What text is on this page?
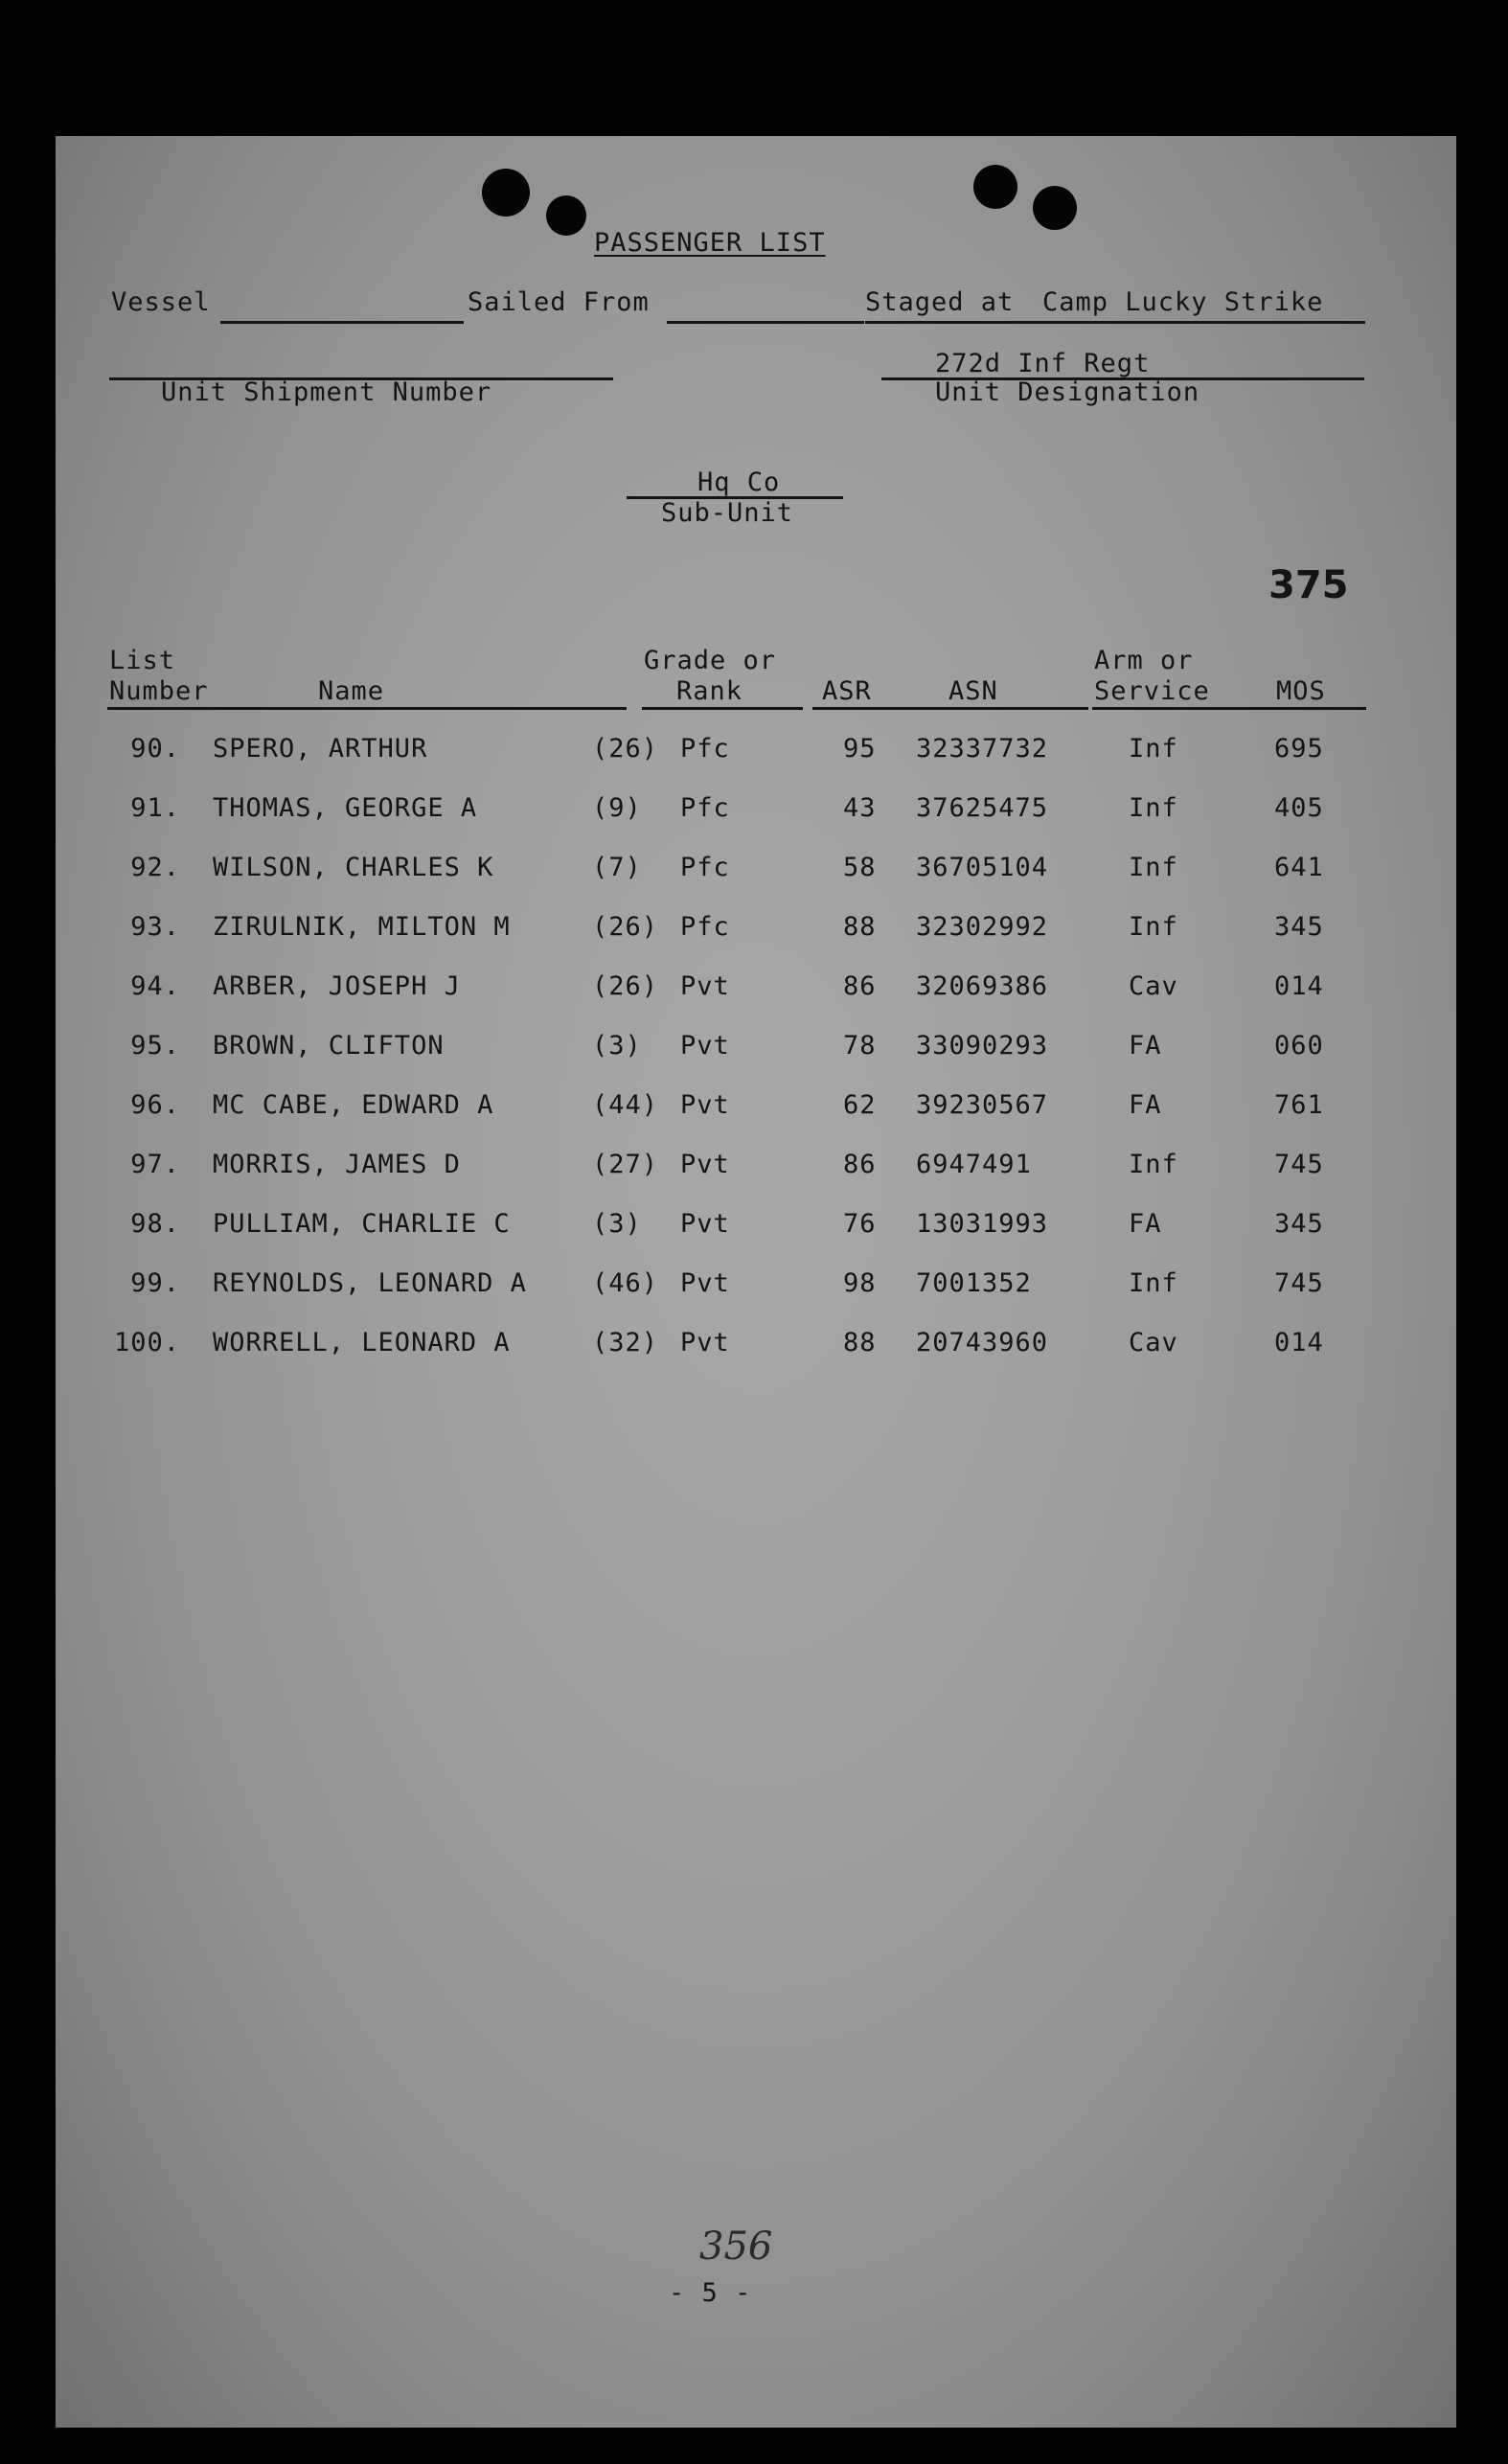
PASSENGER LIST
Vessel	Sailed From	Staged at Camp Lucky Strike
Unit Shipment Number
272d Inf Regt
Unit Designation
Hq Co
Sub-Unit
375
List
Number	Name
Grade or
Rank	ASR	ASN
Arm or
Service	MOS
90. SPERO, ARTHUR	(26) Pfc	95 32337732	Inf	695
91. THOMAS, GEORGE A	(9) Pfc	43 37625475	Inf	405
92. WILSON, CHARLES K	(7) Pfc	58 36705104	Inf	641
93. ZIRULNIK, MILTON M	(26) Pfc	88 32302992	Inf	345
94. ARBER, JOSEPH J	(26) Pvt	86 32069386	Cav	014
95. BROWN, CLIFTON	(3) Pvt	78 33090293	FA	060
96. MC CABE, EDWARD A	(44) Pvt	62 39230567	FA	761
97. MORRIS, JAMES D	(27) Pvt	86 6947491	Inf	745
98. PULLIAM, CHARLIE C	(3) Pvt	76 13031993	FA	345
99. REYNOLDS, LEONARD A	(46) Pvt	98 7001352	Inf	745
100. WORRELL, LEONARD A	(32) Pvt	88 20743960	Cav	014
356
- 5 -
